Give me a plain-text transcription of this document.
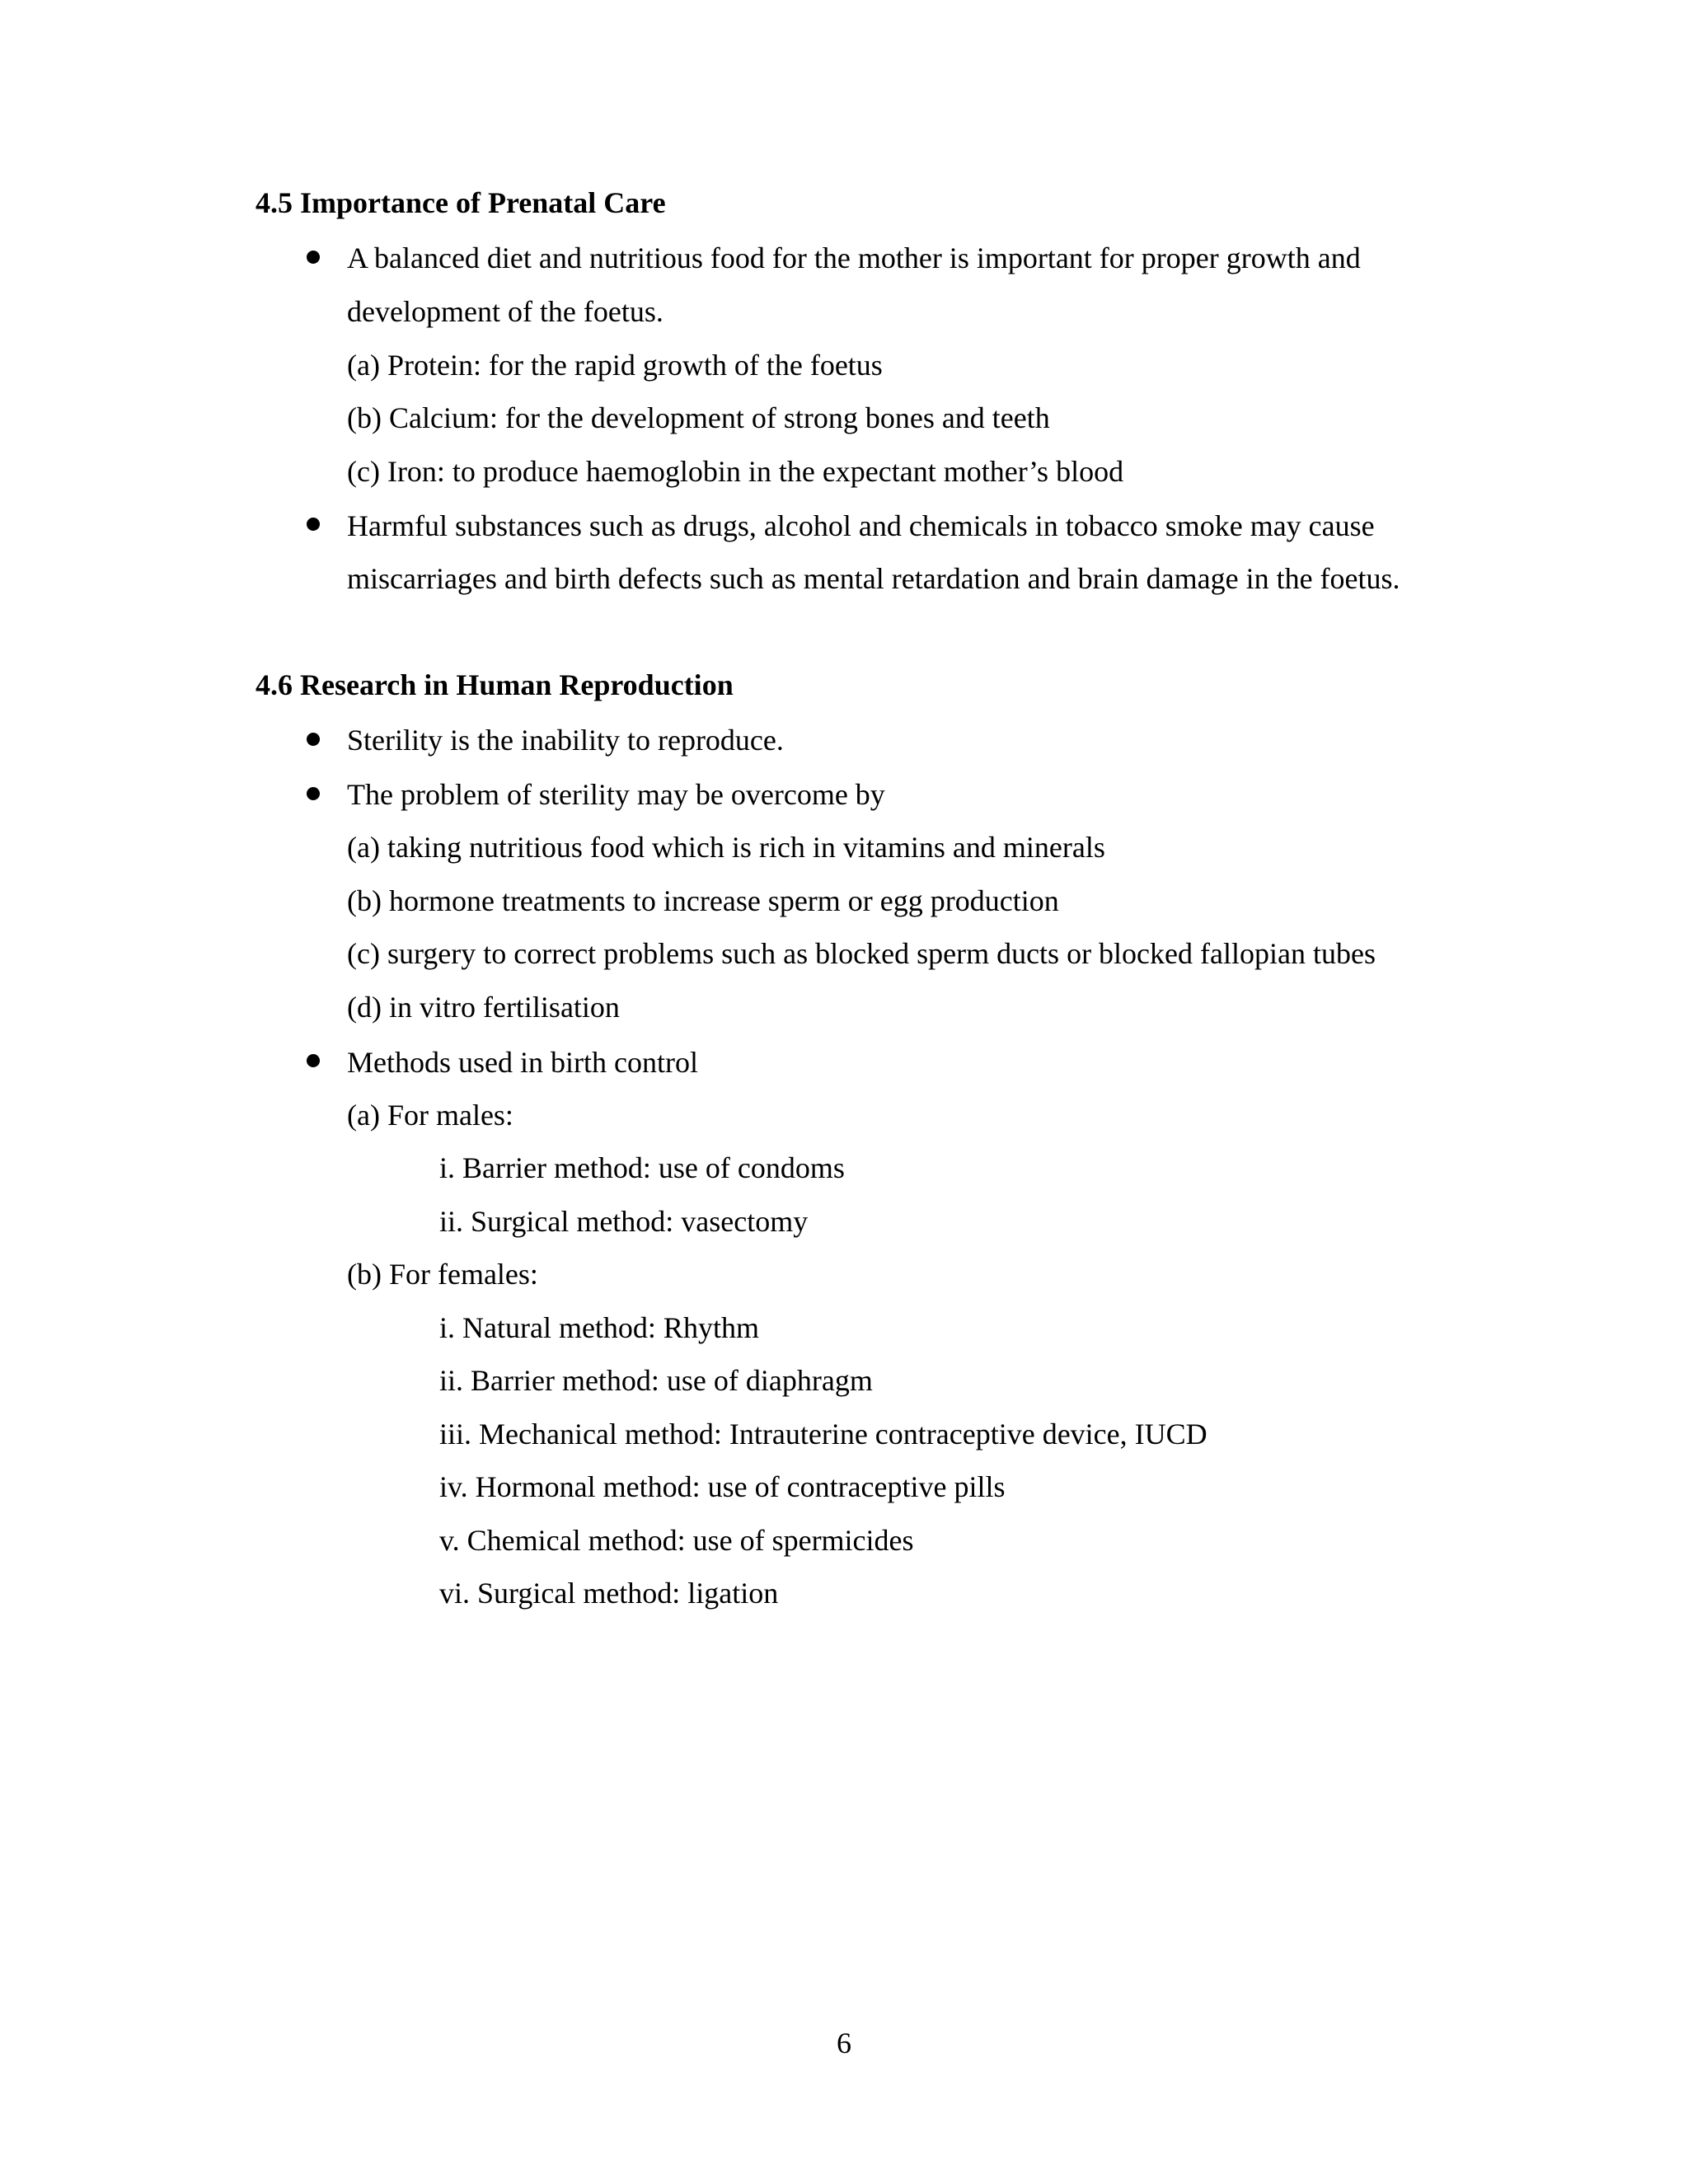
4.5 Importance of Prenatal Care
A balanced diet and nutritious food for the mother is important for proper growth and
development of the foetus.
(a) Protein: for the rapid growth of the foetus
(b) Calcium: for the development of strong bones and teeth
(c) Iron: to produce haemoglobin in the expectant mother’s blood
Harmful substances such as drugs, alcohol and chemicals in tobacco smoke may cause
miscarriages and birth defects such as mental retardation and brain damage in the foetus.
4.6 Research in Human Reproduction
Sterility is the inability to reproduce.
The problem of sterility may be overcome by
(a) taking nutritious food which is rich in vitamins and minerals
(b) hormone treatments to increase sperm or egg production
(c) surgery to correct problems such as blocked sperm ducts or blocked fallopian tubes
(d) in vitro fertilisation
Methods used in birth control
(a) For males:
i. Barrier method: use of condoms
ii. Surgical method: vasectomy
(b) For females:
i. Natural method: Rhythm
ii. Barrier method: use of diaphragm
iii. Mechanical method: Intrauterine contraceptive device, IUCD
iv. Hormonal method: use of contraceptive pills
v. Chemical method: use of spermicides
vi. Surgical method: ligation
6
